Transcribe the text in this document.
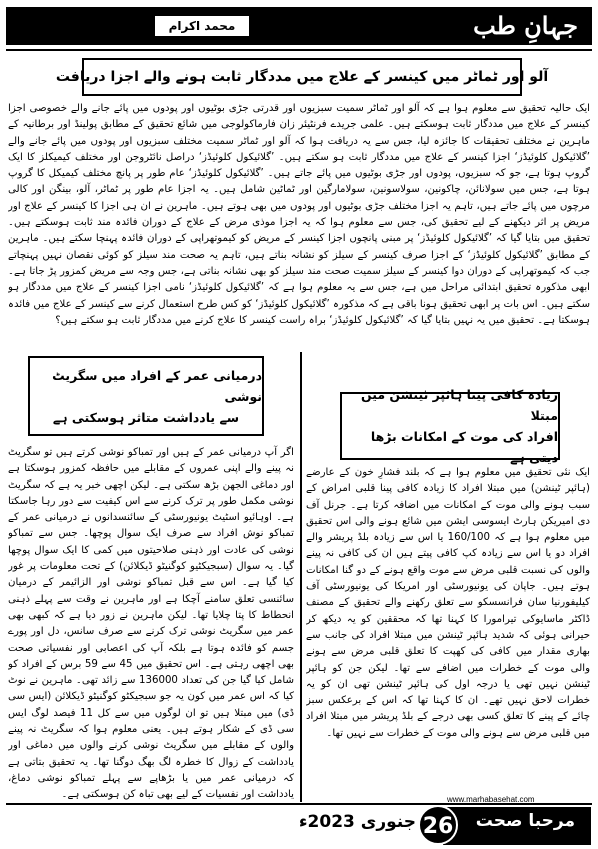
جہانِ طب
محمد اکرام
آلو اور ٹماٹر میں کینسر کے علاج میں مددگار ثابت ہونے والے اجزا دریافت
ایک حالیہ تحقیق سے معلوم ہوا ہے کہ آلو اور ٹماٹر سمیت سبزیوں اور قدرتی جڑی بوٹیوں اور پودوں میں پائے جانے والے خصوصی اجزا کینسر کے علاج میں مددگار ثابت ہوسکتے ہیں۔ علمی جریدے فرنٹیئر زان فارماکولوجی میں شائع تحقیق کے مطابق پولینڈ اور برطانیہ کے ماہرین نے مختلف تحقیقات کا جائزہ لیا، جس سے یہ دریافت ہوا کہ آلو اور ٹماٹر سمیت مختلف سبزیوں اور پودوں میں پائے جانے والے ’گلائیکول کلوئیڈز‘ اجزا کینسر کے علاج میں مددگار ثابت ہو سکتے ہیں۔ ’گلائیکول کلوئیڈز‘ دراصل نائٹروجن اور مختلف کیمیکلز کا ایک گروپ ہوتا ہے، جو کہ سبزیوں، پودوں اور جڑی بوٹیوں میں پائے جاتے ہیں۔ ’گلائیکول کلوئیڈز‘ عام طور پر پانچ مختلف کیمیکل کا گروپ ہوتا ہے، جس میں سولانائن، چاکونین، سولاسونین، سولامارگین اور ٹماٹین شامل ہیں۔ یہ اجزا عام طور پر ٹماٹر، آلو، بینگن اور کالی مرچوں میں پائے جاتے ہیں، تاہم یہ اجزا مختلف جڑی بوٹیوں اور پودوں میں بھی ہوتے ہیں۔ ماہرین نے ان ہی اجزا کا کینسر کے علاج اور مریض پر اثر دیکھنے کے لیے تحقیق کی، جس سے معلوم ہوا کہ یہ اجزا موذی مرض کے علاج کے دوران فائدہ مند ثابت ہوسکتے ہیں۔ تحقیق میں بتایا گیا کہ ’گلائیکول کلوئیڈز‘ پر مبنی پانچوں اجزا کینسر کے مریض کو کیموتھراپی کے دوران فائدہ پہنچا سکتے ہیں۔ ماہرین کے مطابق ’گلائیکول کلوئیڈز‘ کے اجزا صرف کینسر کے سیلز کو نشانہ بناتے ہیں، تاہم یہ صحت مند سیلز کو کوئی نقصان نہیں پہنچاتے جب کہ کیموتھراپی کے دوران دوا کینسر کے سیلز سمیت صحت مند سیلز کو بھی نشانہ بناتی ہے، جس وجہ سے مریض کمزور پڑ جاتا ہے۔ ابھی مذکورہ تحقیق ابتدائی مراحل میں ہے، جس سے یہ معلوم ہوا ہے کہ ’گلائیکول کلوئیڈز‘ نامی اجزا کینسر کے علاج میں مددگار ہو سکتے ہیں۔ اس بات پر ابھی تحقیق ہونا باقی ہے کہ مذکورہ ’گلائیکول کلوئیڈز‘ کو کس طرح استعمال کرنے سے کینسر کے علاج میں فائدہ ہوسکتا ہے۔ تحقیق میں یہ نہیں بتایا گیا کہ ’گلائیکول کلوئیڈز‘ براہ راست کینسر کا علاج کرنے میں مددگار ثابت ہو سکتے ہیں؟
زیادہ کافی پینا ہائپر ٹینشن میں مبتلا
افراد کی موت کے امکانات بڑھا دیتی ہے
ایک نئی تحقیق میں معلوم ہوا ہے کہ بلند فشارِ خون کے عارضے (ہائپر ٹینشن) میں مبتلا افراد کا زیادہ کافی پینا قلبی امراض کے سبب ہونے والی موت کے امکانات میں اضافہ کرتا ہے۔ جرنل آف دی امیریکن ہارٹ ایسوسی ایشن میں شائع ہونے والی اس تحقیق میں معلوم ہوا ہے کہ 160/100 یا اس سے زیادہ بلڈ پریشر والے افراد دو یا اس سے زیادہ کپ کافی پیتے ہیں ان کی کافی نہ پینے والوں کی نسبت قلبی مرض سے موت واقع ہونے کے دو گنا امکانات ہوتے ہیں۔ جاپان کی یونیورسٹی اور امریکا کی یونیورسٹی آف کیلیفورنیا سان فرانسسکو سے تعلق رکھنے والے تحقیق کے مصنف ڈاکٹر ماسایوکی تیرامورا کا کہنا تھا کہ محققین کو یہ دیکھ کر حیرانی ہوئی کہ شدید ہائپر ٹینشن میں مبتلا افراد کی جانب سے بھاری مقدار میں کافی کی کھپت کا تعلق قلبی مرض سے ہونے والی موت کے خطرات میں اضافے سے تھا۔ لیکن جن کو ہائپر ٹینشن نہیں تھی یا درجہ اول کی ہائپر ٹینشن تھی ان کو یہ خطرات لاحق نہیں تھے۔ ان کا کہنا تھا کہ اس کے برعکس سبز چائے کے پینے کا تعلق کسی بھی درجے کے بلڈ پریشر میں مبتلا افراد میں قلبی مرض سے ہونے والی موت کے خطرات سے نہیں تھا۔
درمیانی عمر کے افراد میں سگریٹ نوشی
سے یادداشت متاثر ہوسکتی ہے
اگر آپ درمیانی عمر کے ہیں اور تمباکو نوشی کرتے ہیں تو سگریٹ نہ پینے والے اپنی عمروں کے مقابلے میں حافظہ کمزور ہوسکتا ہے اور دماغی الجھن بڑھ سکتی ہے۔ لیکن اچھی خبر یہ ہے کہ سگریٹ نوشی مکمل طور پر ترک کرنے سے اس کیفیت سے دور رہا جاسکتا ہے۔ اوہائیو اسٹیٹ یونیورسٹی کے سائنسدانوں نے درمیانی عمر کے تمباکو نوش افراد سے صرف ایک سوال پوچھا۔ جس سے تمباکو نوشی کی عادت اور ذہنی صلاحیتوں میں کمی کا ایک سوال پوچھا گیا۔ یہ سوال (سبجیکٹیو کوگنیٹو ڈیکلائن) کے تحت معلومات پر غور کیا گیا ہے۔ اس سے قبل تمباکو نوشی اور الزائیمر کے درمیان سائنسی تعلق سامنے آچکا ہے اور ماہرین نے وقت سے پہلے ذہنی انحطاط کا پتا چلایا تھا۔ لیکن ماہرین نے زور دیا ہے کہ کبھی بھی عمر میں سگریٹ نوشی ترک کرنے سے صرف سانس، دل اور پورے جسم کو فائدہ ہوتا ہے بلکہ آپ کی اعصابی اور نفسیاتی صحت بھی اچھی رہتی ہے۔ اس تحقیق میں 45 سے 59 برس کے افراد کو شامل کیا گیا جن کی تعداد 136000 سے زائد تھی۔ ماہرین نے نوٹ کیا کہ اس عمر میں کون یہ جو سبجیکٹو کوگنیٹو ڈیکلائن (ایس سی ڈی) میں مبتلا ہیں تو ان لوگوں میں سے کل 11 فیصد لوگ ایس سی ڈی کے شکار ہوتے ہیں۔ یعنی معلوم ہوا کہ سگریٹ نہ پینے والوں کے مقابلے میں سگریٹ نوشی کرنے والوں میں دماغی اور یادداشت کے زوال کا خطرہ لگ بھگ دوگنا تھا۔ یہ تحقیق بتاتی ہے کہ درمیانی عمر میں یا بڑھاپے سے پہلے تمباکو نوشی دماغ، یادداشت اور نفسیات کے لیے بھی تباہ کن ہوسکتی ہے۔	www.marhabasehat.com
مرحبا صحت
26
جنوری 2023ء
